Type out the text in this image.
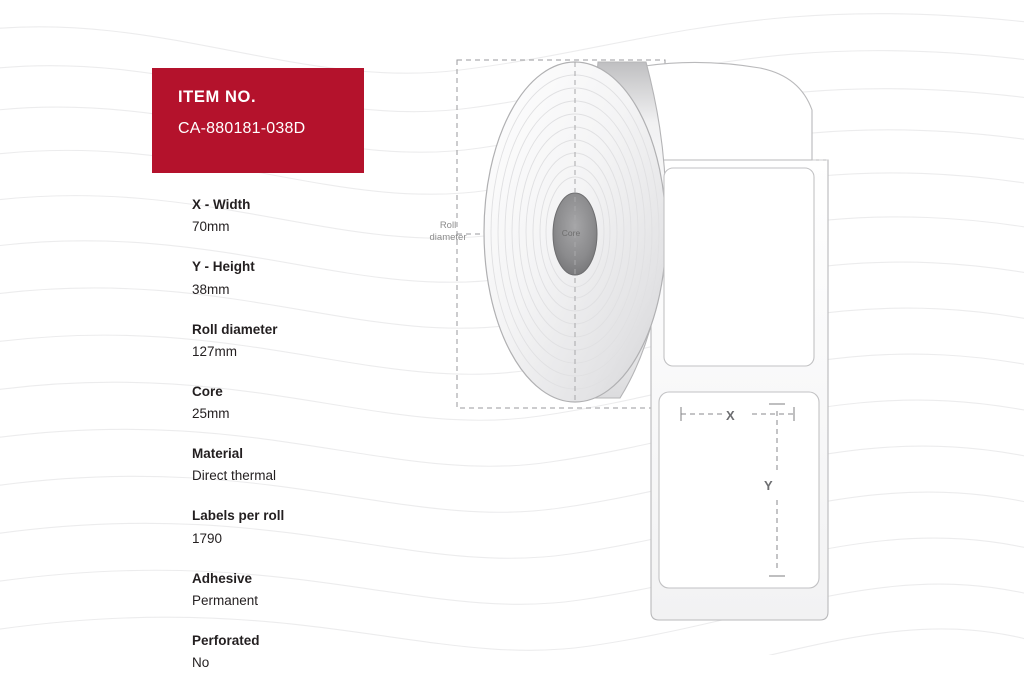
ITEM NO.
CA-880181-038D
X - Width
70mm
Y - Height
38mm
Roll diameter
127mm
Core
25mm
Material
Direct thermal
Labels per roll
1790
Adhesive
Permanent
Perforated
No
Roll
diameter	Core
X
Y
